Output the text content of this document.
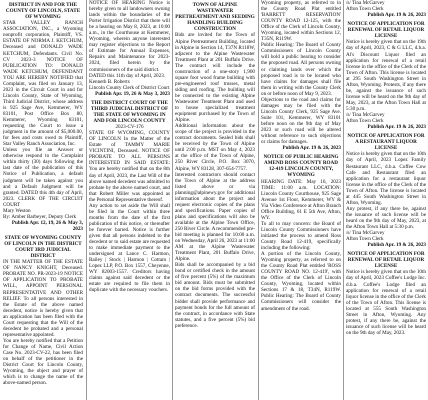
DISTRICT IN AND FOR THE COUNTY OF LINCOLN, STATE OF WYOMING

STAR VALLEY RANCH ASSOCIATION, INC., a Wyoming nonprofit corporation, Plaintiff, VS. ESTATE OF NORMA J. KETCHUM, Deceased and DONALD WADE KETCHUM, Defendants. Civil No. CV 2023-3 NOTICE OF PUBLICATION TO: DONALD WADE KETCHUM, DEFENDANT YOU ARE HEREBY NOTIFIED that Complaint, was filed on January 13, 2023 in the Circuit Court in and for Lincoln County, State of Wyoming, Third Judicial District, whose address is 925 Sage Ave, Kemmerer, WY 83101, Post Office Box 80, Kemmerer, Wyoming 83101, requesting the Court to issue a judgment in the amount of $5,000.00, for fees and costs owed to Plaintiff, Star Valley Ranch Association, Inc.

Unless you file an Answer or otherwise respond to the Complaint within thirty (30) days following the last date of the publication of this Notice of Publication, a default judgment will be taken against you and a Default Judgment will be granted. DATED this 4th day of April, 2023. CLERK OF THE CIRCUIT COURT

Mary Weston

By: Amber Barbeyer, Deputy Clerk

Publish Apr. 12, 19, 26 & May 3, 2023

STATE OF WYOMING COUNTY OF LINCOLN IN THE DISTRICT COURT 3RD JUDICIAL DISTRICT

IN THE MATTER OF THE ESTATE OF NANCY KNIGHT, Deceased. PROBATE NO. PR-2023-19 NOTICE OF APPLICATION TO PROBATE WILL, APPOINT PERSONAL REPRESENTATIVE AND OTHER RELIEF. To all persons interested in the Estate of the above named decedent, notice is hereby given that an application has been filed with the Court requesting that the Will of the decedent be probated and a personal representative appointed.

You are hereby notified that a Petition for Change of Name, Civil Action Case No. 2023-CV-22, has been filed on behalf of the petitioner in the District Court for Lincoln County, Wyoming, the object and prayer of which is to change the name of the above-named person.

NOTICE OF HEARING Notice is hereby given to all landowners owning lands within the boundaries of the Porter Irrigation District that there will be a hearing on May 8, 2023, at 10:00 a.m., in the Courthouse at Kemmerer, Wyoming, wherein anyone interested may register objections to the Report of Estimate for Annual Expenses, Repairs and Maintenance for 2023-2024, filed herein by the commissioners of the said district.

DATED this 11th day of April, 2023.

Kenneth B. Roberts

Lincoln County Clerk of District Court

Publish Apr. 19, 26 & May 3, 2023

THE DISTRICT COURT OF THE THIRD JUDICIAL DISTRICT OF THE STATE OF WYOMING IN AND FOR LINCOLN COUNTY

2023-CV-176

STATE OF WYOMING, COUNTY OF LINCOLN In the Matter of the Estate of TAMMY MARIE VICINTINI, Deceased. NOTICE OF PROBATE TO ALL PERSONS INTERESTED IN SAID ESTATE: You are hereby notified that on the 8th day of April, 2023, the Last Will of the above named decedent was admitted to probate by the above named court, and that Robert Miller was appointed as the Personal Representative thereof.

Any action to set aside the Will shall be filed in the Court within three months from the date of the first publication of this notice, or thereafter be forever barred. Notice is further given that all persons indebted to the decedent or to said estate are requested to make immediate payment to the undersigned at Lance C. Harmon, Bailey | Stock | Harmon | Cottam | Lopez LLP, P.O. Box 1557, Cheyenne, WY 82003-1557. Creditors having claims against said decedent or the estate are required to file them in duplicate with the necessary vouchers.

TOWN OF ALPINE WASTEWATER PRETREATMENT AND SEEDING HANDLING BUILDING CONSTRUCTION

Bids are invited for the Town of Alpine Pretreatment Building, located in Alpine in Section 14, T37N R118W, adjacent to the Alpine Wastewater Treatment Plant at 201 Buffalo Drive. The contract will include the construction of a one-story 1,900 square foot wood frame building with pre-engineered roof trusses, metal siding and roofing. The building will be connected to the existing Alpine Wastewater Treatment Plant and used to house specialized treatment equipment purchased by the Town of Alpine.

Additional information about the scope of the project is provided in the contract documents. Sealed bids shall be received by the Town of Alpine until 2:00 p.m. MST on May 4, 2023 at the office of the Town of Alpine, 250 River Circle, P.O. Box 3070, Alpine, WY 83128, 307-654-7757.

Interested contractors should contact the Town of Alpine at the address listed above or via planning@alpinewy.gov for additional information about the project and request electronic copies of the plans and specifications. Paper copies of plans and specifications will also be available at the Alpine Town Office, 250 River Circle. A recommended pre-bid meeting is planned for 10:00 a.m. on Wednesday, April 26, 2023 at 11:00 AM at the Alpine Wastewater Treatment Plant, 201 Buffalo Drive, Alpine.

Bids shall be accompanied by a bid bond or certified check in the amount of five percent (5%) of the maximum bid amount. Bids must be submitted on the bid forms provided with the contract documents. The successful bidder shall provide performance and payment bonds for the full amount of the contract, in accordance with State statutes, and a five percent (5%) bid preference.

Wyoming property, as referred to in the County Road Plat entitled 'BARRETT RESERVATION' COUNTY ROAD 12-125, with the Office of the Clerk of Lincoln County, Wyoming, located within Sections 12, T35N, R119W.

Public Hearing: The Board of County Commissioners of Lincoln County will hold a public hearing to consider the proposed road. All persons owning or claiming lands over which the proposed road is to be located who have claims for damages shall file them in writing with the County Clerk on or before noon of May 9, 2023.

Objections to the road and claims for damages may be filed with the Lincoln County Clerk, 925 Sage Ave. Suite 101, Kemmerer, WY 83101 before noon on the 9th day of May 2023 or such road will be altered without reference to such objections or claims for damages.

Publish Apr. 19 & 26, 2023

NOTICE OF PUBLIC HEARING AMEND ROSS COUNTY ROAD 12-419 LINCOLN COUNTY, WYOMING

HEARING DATE: May 16, 2023 TIME: 11:00 a.m. LOCATION: Lincoln County Courthouse, 925 Sage Avenue 1st Floor, Kemmerer, WY & Via Video Conference at Afton Branch Office Building, 61 E 5th Ave, Afton, WY.

To all to may concern: the Board of Lincoln County Commissioners have initiated the process to amend Ross County Road 12-419, specifically including the following:

A portion of the Lincoln County, Wyoming property, as referred to on the County Road Plat entitled 'ROSS COUNTY ROAD NO. 12-419', with the Office of the Clerk of Lincoln County, Wyoming, located within Sections 17 & 18, T34N, R119W. Public Hearing: The Board of County Commissioners will consider the amendment of the road.

/s/ Tina McGarvey

Afton Town Clerk

Publish Apr. 19 & 26, 2023

NOTICE OF APPLICATION FOR RENEWAL OF RETAIL LIQUOR LICENSE

Notice is hereby given that on the 19th day of April, 2023, C & G LLC, d.b.a. Al's Discount Liquor filed an application for renewal of a retail license in the office of the Clerk of the Town of Afton. This license is located at 295 South Washington Street in Afton, Wyoming. Protests, if any there be, against the issuance of such license will be heard on the 9th day of May, 2023, at the Afton Town Hall at 5:30 p.m.

/s/ Tina McGarvey

Afton Town Clerk

Publish Apr. 19 & 26, 2023

NOTICE OF APPLICATION FOR A RESTAURANT LIQUOR LICENSE

Notice is hereby given that on the 10th day of April, 2023 Lopez Family Restaurant LLC, d.b.a. Coffee Cow Cafe and Restaurant filed an application for a restaurant liquor license in the office of the Clerk of the Town of Afton. The license is located at 445 South Washington Street in Afton, Wyoming.

Any protest, if any there be, against the issuance of such license will be heard on the 9th day of May, 2023, at the Afton Town Hall at 5:30 p.m.

/s/ Tina McGarvey

Afton Town Clerk

Publish Apr. 19 & 26, 2023

NOTICE OF APPLICATION FOR RENEWAL OF RETAIL LIQUOR LICENSE

Notice is hereby given that on the 10th day of April, 2023 Coffee's Lodge Inc. d.b.a. Coffee's Lodge filed an application for renewal of a retail liquor license in the office of the Clerk of the Town of Afton. This license is located at 555 South Washington Street in Afton, Wyoming. Any protest, if any there be, against the issuance of such license will be heard on the 9th day of May, 2023.
